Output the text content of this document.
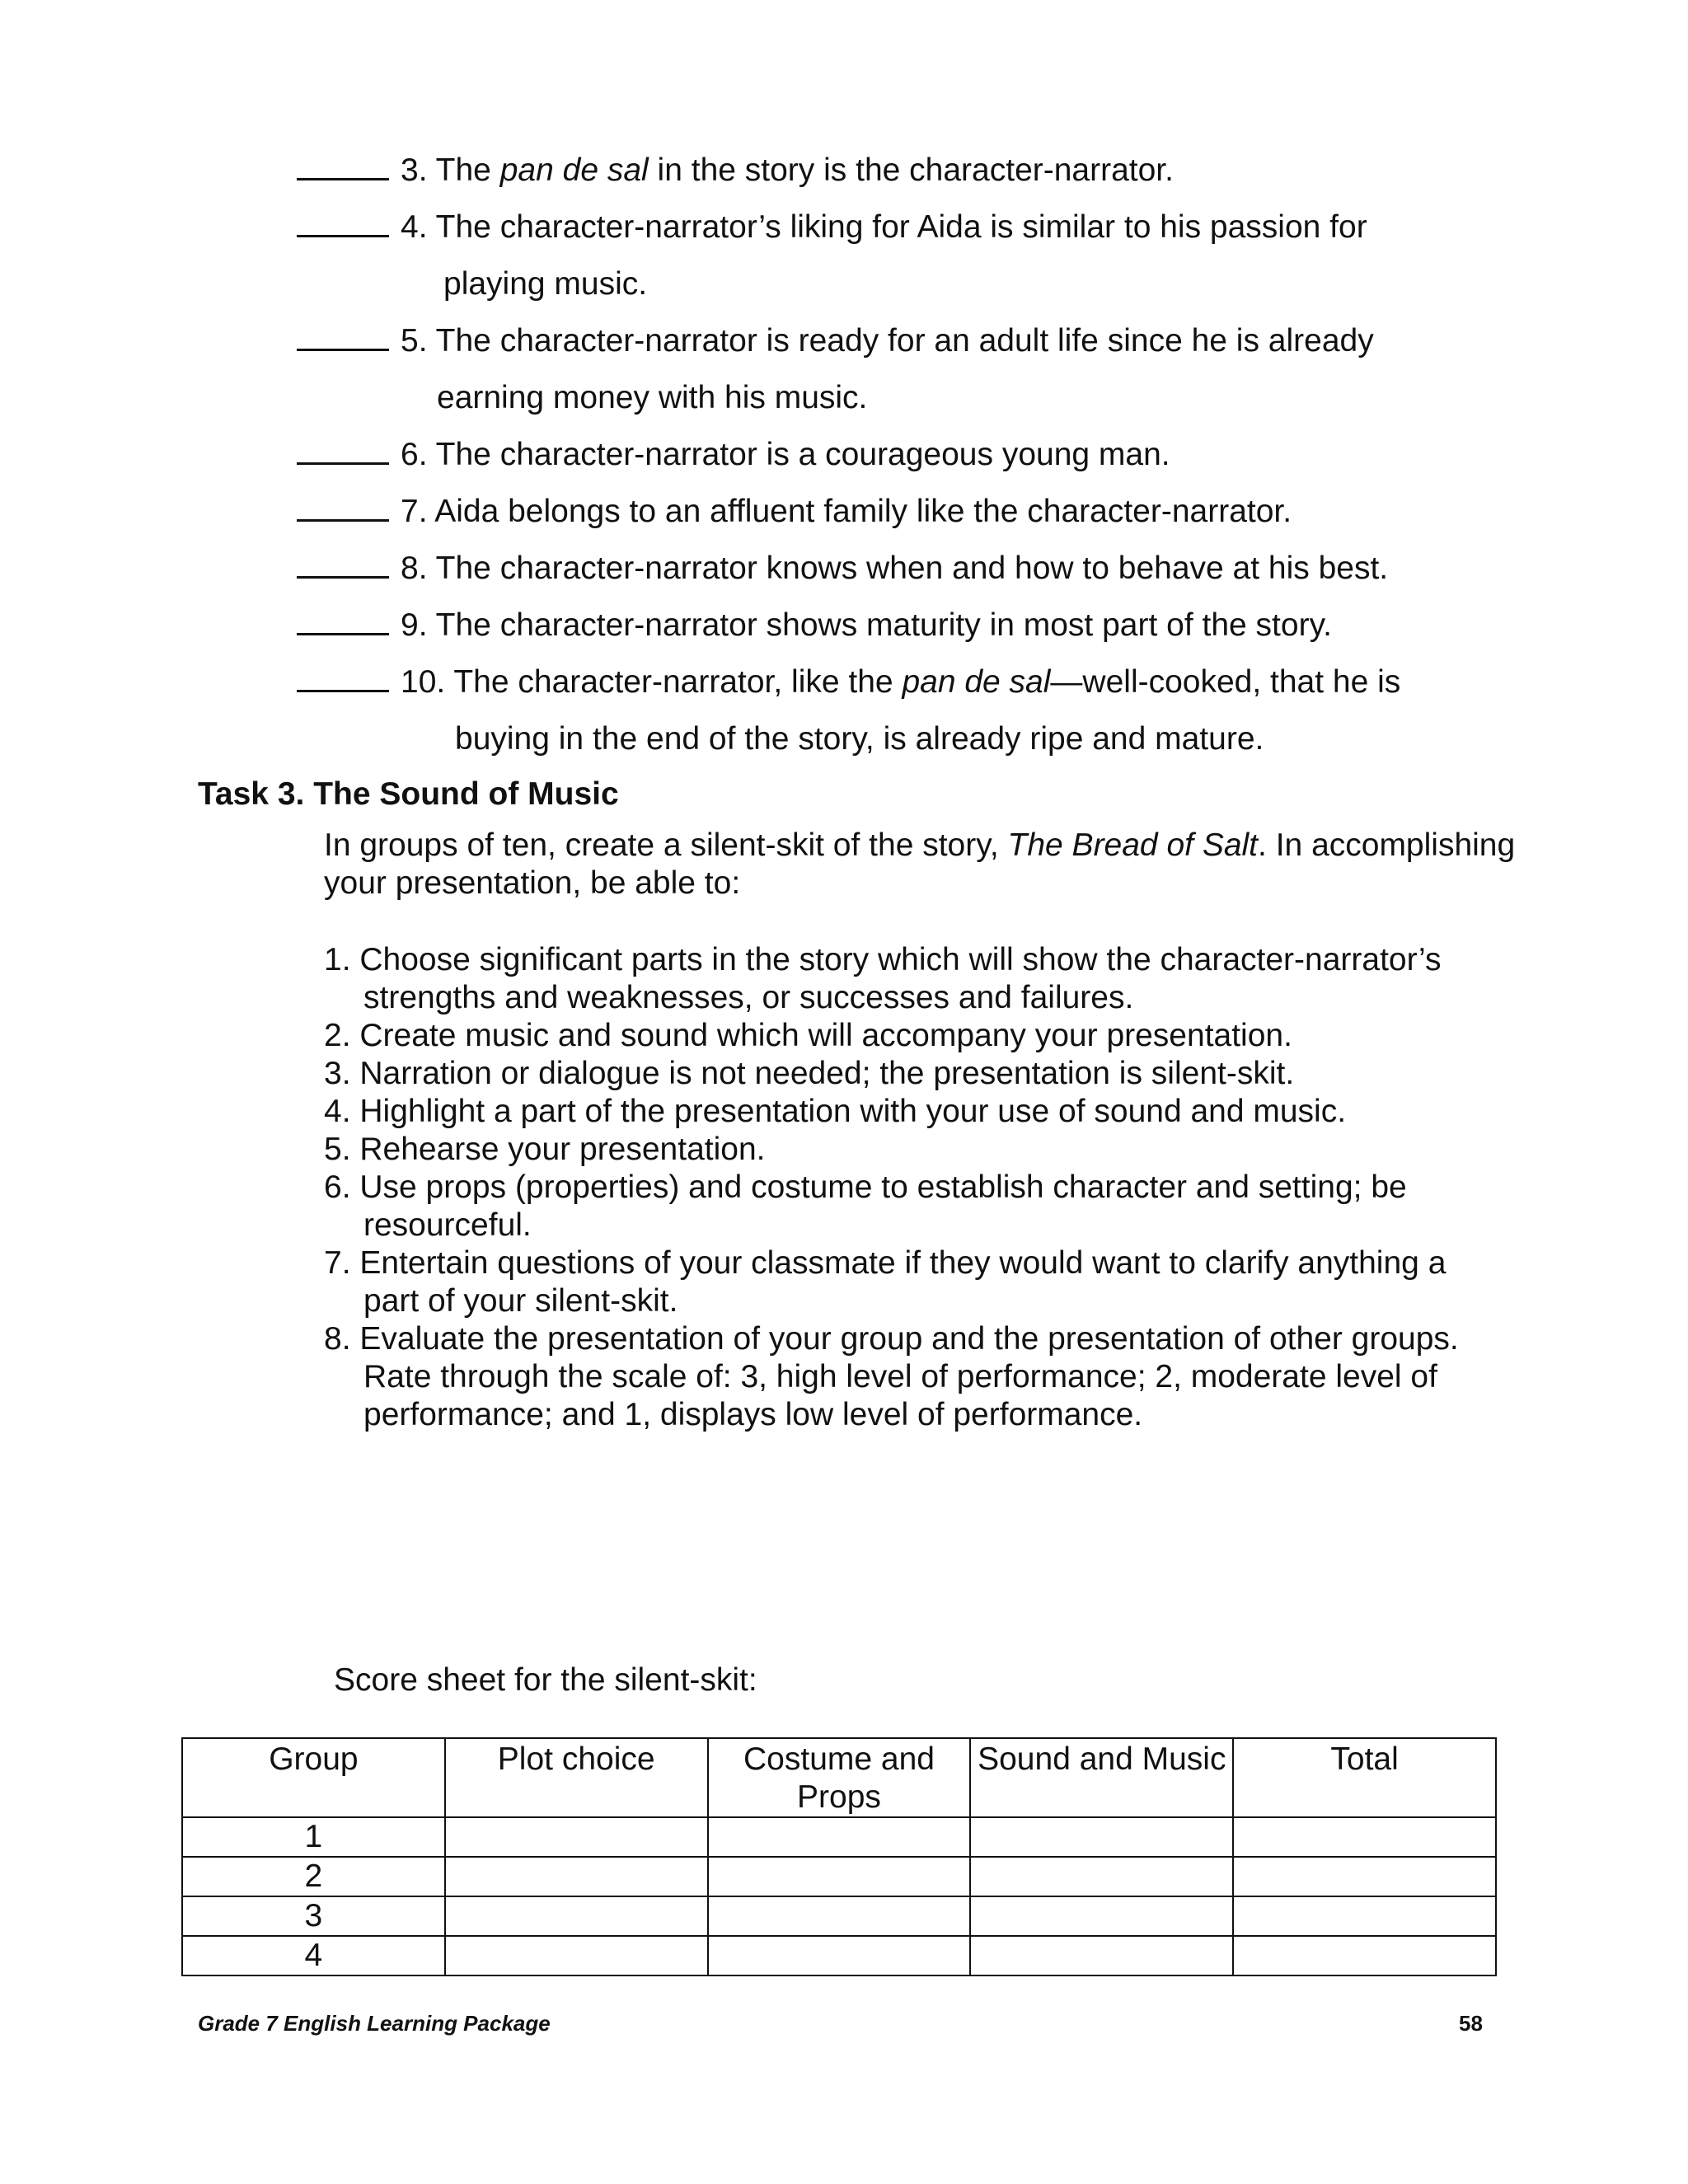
3. The pan de sal in the story is the character-narrator.
4. The character-narrator’s liking for Aida is similar to his passion for
playing music.
5. The character-narrator is ready for an adult life since he is already
earning money with his music.
6. The character-narrator is a courageous young man.
7. Aida belongs to an affluent family like the character-narrator.
8. The character-narrator knows when and how to behave at his best.
9. The character-narrator shows maturity in most part of the story.
10. The character-narrator, like the pan de sal—well-cooked, that he is
buying in the end of the story, is already ripe and mature.
Task 3. The Sound of Music
In groups of ten, create a silent-skit of the story, The Bread of Salt. In accomplishing your presentation, be able to:
1. Choose significant parts in the story which will show the character-narrator’s strengths and weaknesses, or successes and failures.
2. Create music and sound which will accompany your presentation.
3. Narration or dialogue is not needed; the presentation is silent-skit.
4. Highlight a part of the presentation with your use of sound and music.
5. Rehearse your presentation.
6. Use props (properties) and costume to establish character and setting; be resourceful.
7. Entertain questions of your classmate if they would want to clarify anything a part of your silent-skit.
8. Evaluate the presentation of your group and the presentation of other groups. Rate through the scale of: 3, high level of performance; 2, moderate level of performance; and 1, displays low level of performance.
Score sheet for the silent-skit:
Group	Plot choice	Costume and Props	Sound and Music	Total
1				
2				
3				
4				
Grade 7 English Learning Package	58
